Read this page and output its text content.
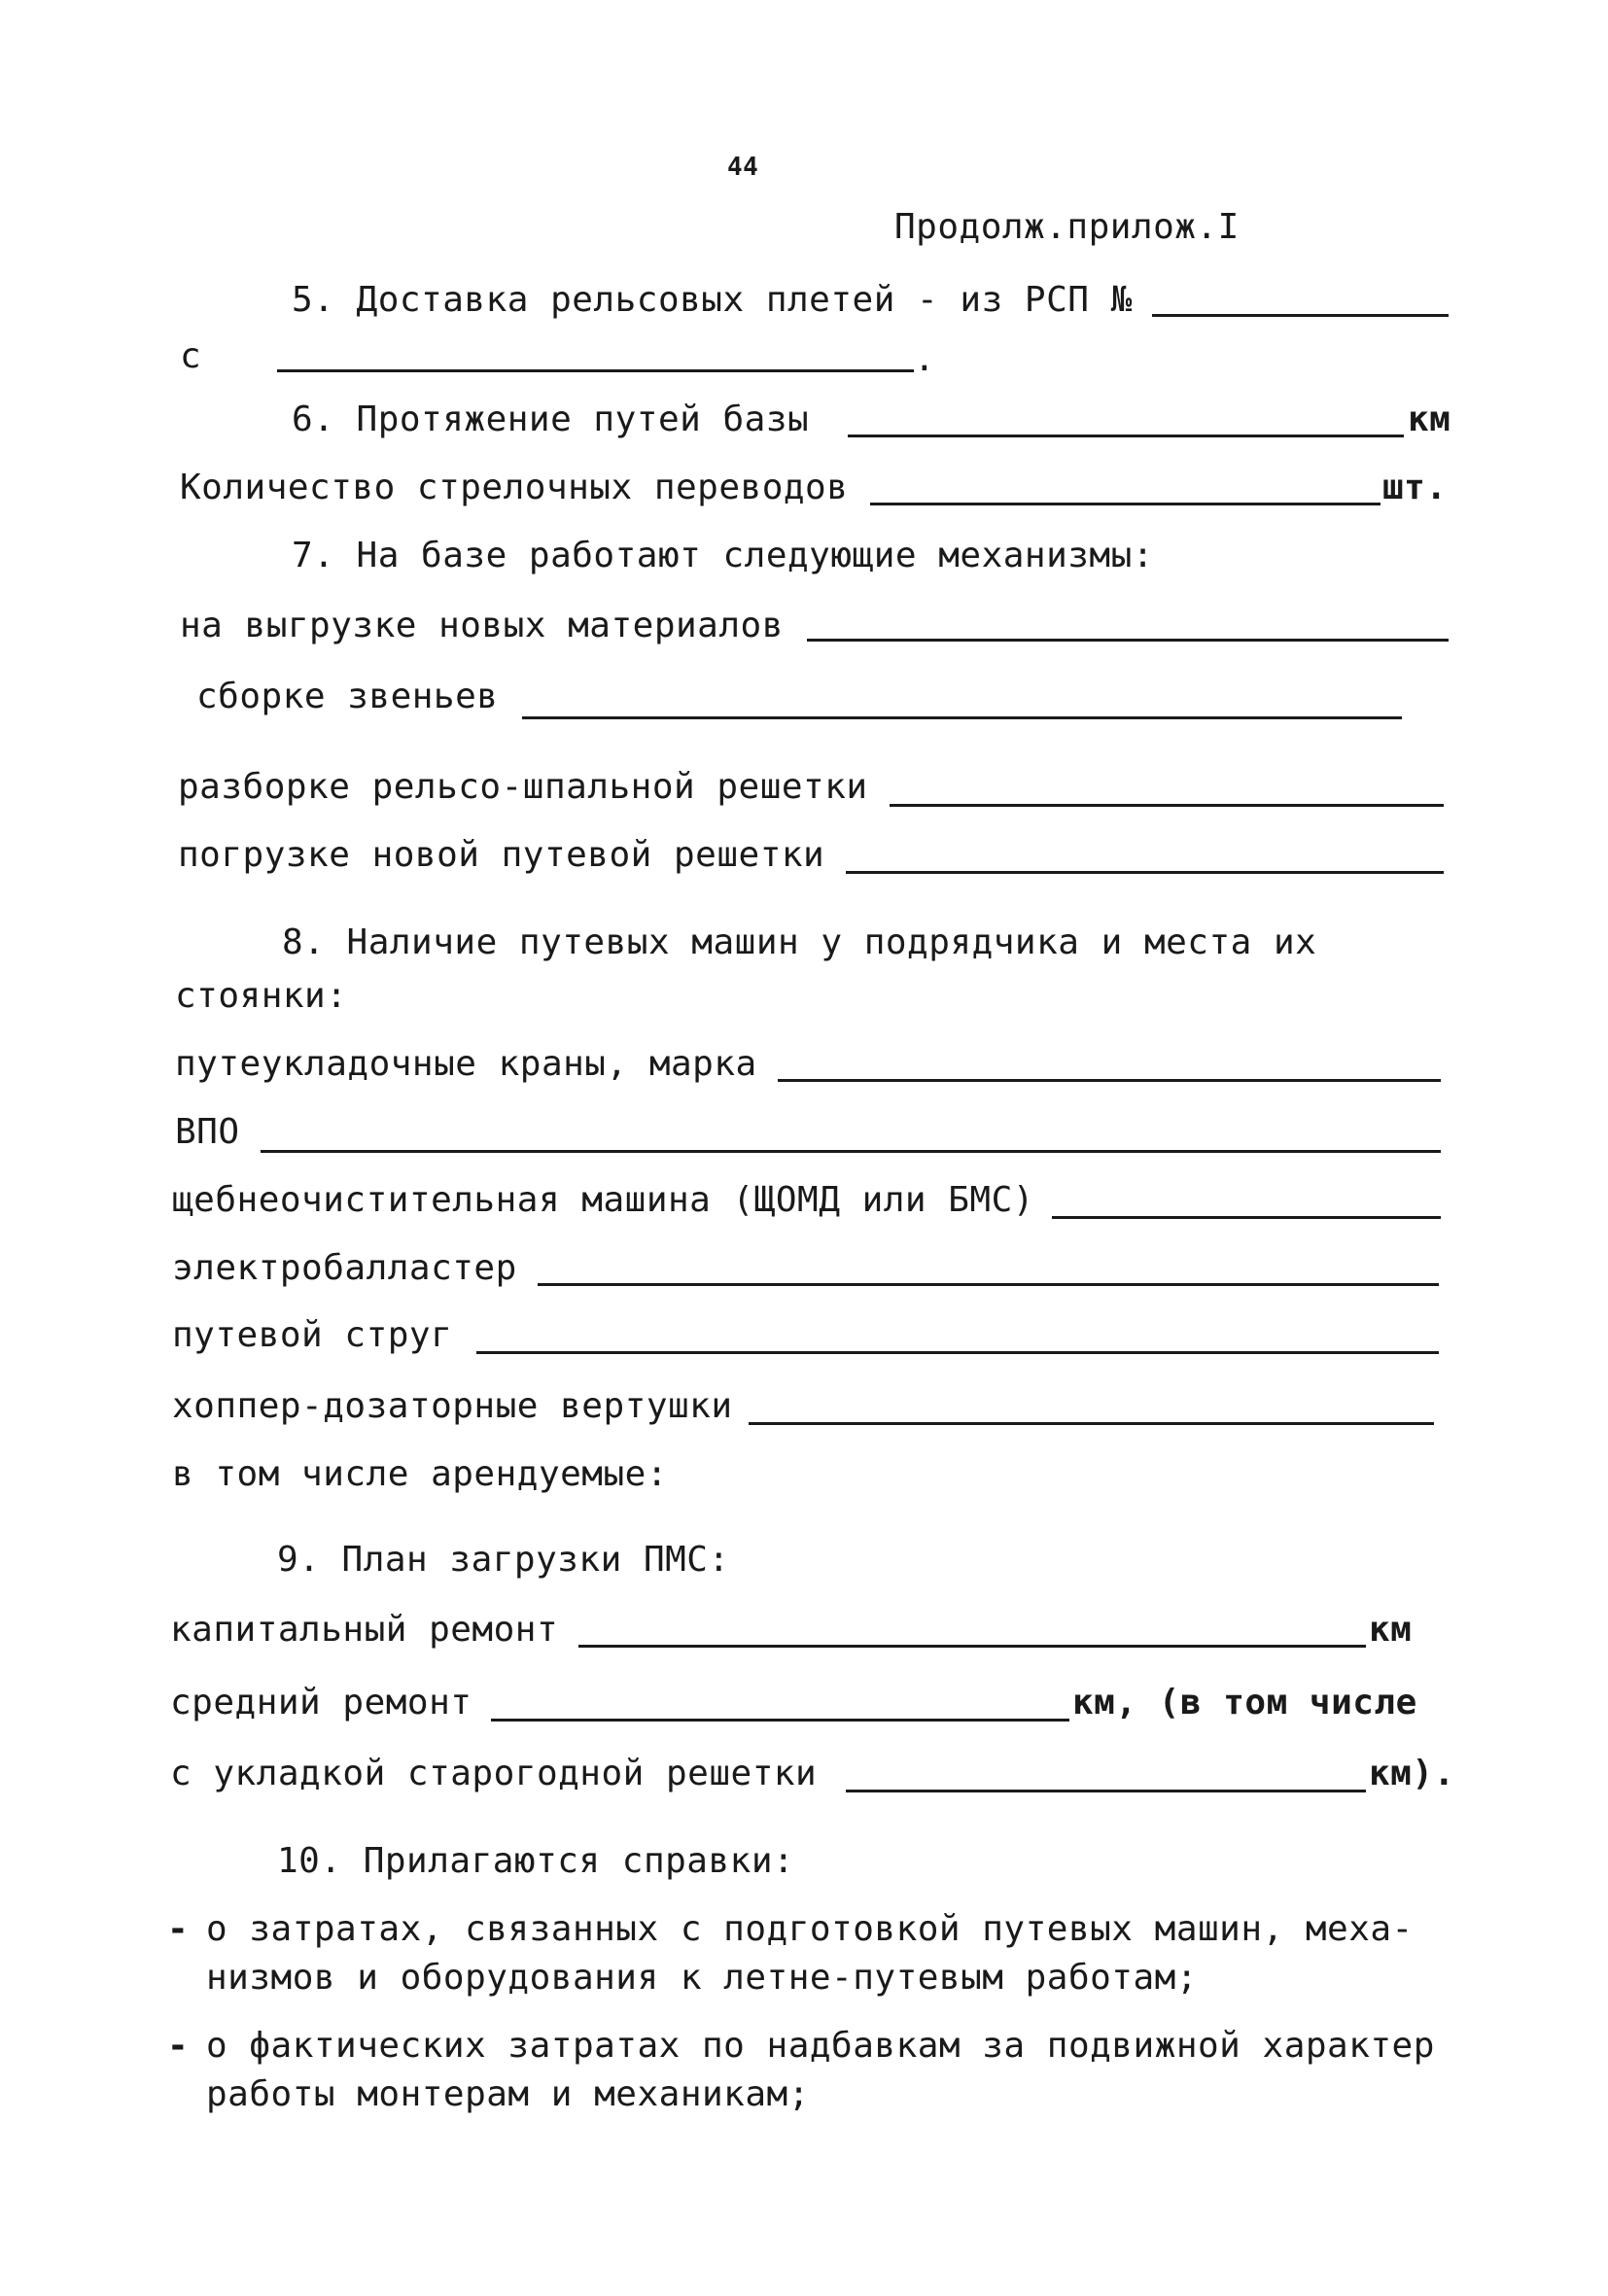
44
Продолж.прилож.I
5. Доставка рельсовых плетей - из РСП №
с	.
6. Протяжение путей базы	км
Количество стрелочных переводов	шт.
7. На базе работают следующие механизмы:
на выгрузке новых материалов
сборке звеньев
разборке рельсо-шпальной решетки
погрузке новой путевой решетки
8. Наличие путевых машин у подрядчика и места их
стоянки:
путеукладочные краны, марка
ВПО
щебнеочистительная машина (ЩОМД или БМС)
электробалластер
путевой струг
хоппер-дозаторные вертушки
в том числе арендуемые:
9. План загрузки ПМС:
капитальный ремонт	км
средний ремонт	км, (в том числе
с укладкой старогодной решетки	км).
10. Прилагаются справки:
- о затратах, связанных с подготовкой путевых машин, меха-
низмов и оборудования к летне-путевым работам;
- о фактических затратах по надбавкам за подвижной характер
работы монтерам и механикам;
